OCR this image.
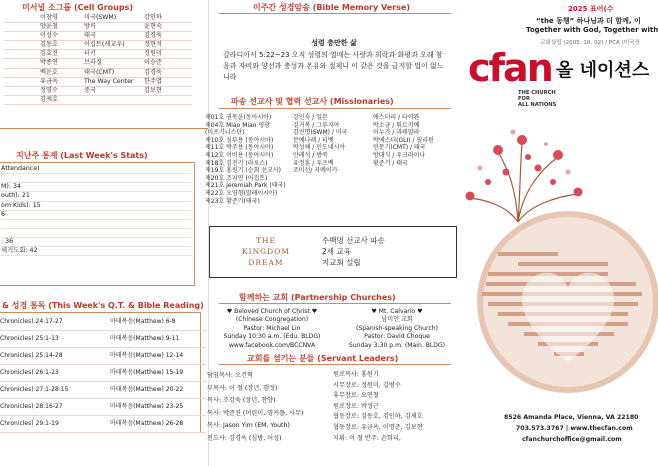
미서널 소그룹 (Cell Groups)
이창영	미국(SWM)	강인하
양윤철	방콕	윤현숙
이성수	태국	김경욱
김동호	이집트(새교우)	정현석
김효진	터키	정원미
박종연	브라질	이승준
백운호	태국(CMT)	김경욱
유금옥	The Way Center	한주엽
정영수	중국	김보현
김제호
지난주 통계 (Last Week's Stats)
Attendance)
M): 34
outh): 21
om Kids): 15
6
: 36
세기도회: 42
& 성경 통독 (This Week's Q.T. & Bible Reading)
Chronicles) 24:17-27	마태복음(Matthew) 6-8
Chronicles) 25:1-13	마태복음(Matthew) 9-11
Chronicles) 25:14-28	마태복음(Matthew) 12-14
Chronicles) 26:1-23	마태복음(Matthew) 15-19
Chronicles) 27:1-28:15	마태복음(Matthew) 20-22
Chronicles) 28:16-27	마태복음(Matthew) 23-25
Chronicles) 29:1-19	마태복음(Matthew) 26-28
이주간 성경암송 (Bible Memory Verse)
성령 충만한 삶
갈라디아서 5:22~23 오직 성령의 열매는 사랑과 희락과 화평과 오래 참음과 자비와 양선과 충성과 온유와 절제니 이 같은 것을 금지할 법이 없느니라
파송 선교사 및 협력 선교사 (Missionaries)
제01호 권목윤(동아시아)	강인숙 / 일본	에스더리 / 타이완
제04호 Miao Miao 영광	김거복 / 그루지아	박소금 / 튀르키예
(이프기니스탄)	김진명(SWM) / 미국	이누가 / 과테말라
제10호 심부용 (동아시아)	문예나래 / 티벳	박에스더(GLI) / 필리핀
제11호 박주용 (동아시아)	박성해 / 인도네시아	민문기(CMT) / 태국
제12호 이비용 (동아시아)	안래석 / 방콕	방대식 / 우크라이나
제18호 김진기 (라오스)	유정훈 / 우즈벡	황준기 / 태국
제19호 홍원기 (순회 선교사)	조미선/ 자메이카
제20호 조지연 (이집트)
제21호 Jeremiah Park (태국)
제22호 오영형(말레이시아)
제23호 황준기(태국)
THE
KINGDOM
DREAM
수백명 선교사 파송
2세 교육
지교회 설립
함께하는 교회 (Partnership Churches)
♥ Beloved Church of Christ ♥
(Chinese Congregation)
Pastor: Michael Lin
Sunday 10:30 a.m. (Edu. BLDG)
www.facebook.com/BCCNVA
♥ Mt. Calvario ♥
남미인 교회
(Spanish-speaking Church)
Pastor: David Choque
Sunday 3:30 p.m. (Main. BLDG)
교회를 섬기는 분들 (Servant Leaders)
담임목사: 오건혁
부목사: 이 철 (장년, 행정)
목사: 조강욱 (장년, 찬양)
목사: 박준진 (어린이, 영커플, 사무)
목사: Jason Yim (EM, Youth)
전도사: 김경옥 (심방, 어성)
원로목사: 홍원기
시무장로: 정원미, 김병수
휴무장로: 오연철
원로장로: 박성근
협동장로: 김동호, 김인하, 김제호
협동장로: 유금옥, 이명준, 김보현
지휘: 이 철 반주: 손희리,
2025 표어(수
“the 동행” 하나님과 더 함께, 이
Together with God, Together with
교회설립 (2005. 10. 02) / PCA (미국장
cfan 올 네이션스
THE CHURCH
FOR
ALL NATIONS
8526 Amanda Place, Vienna, VA 22180
703.573.3767 | www.thecfan.com
cfanchurchoffice@gmail.com
